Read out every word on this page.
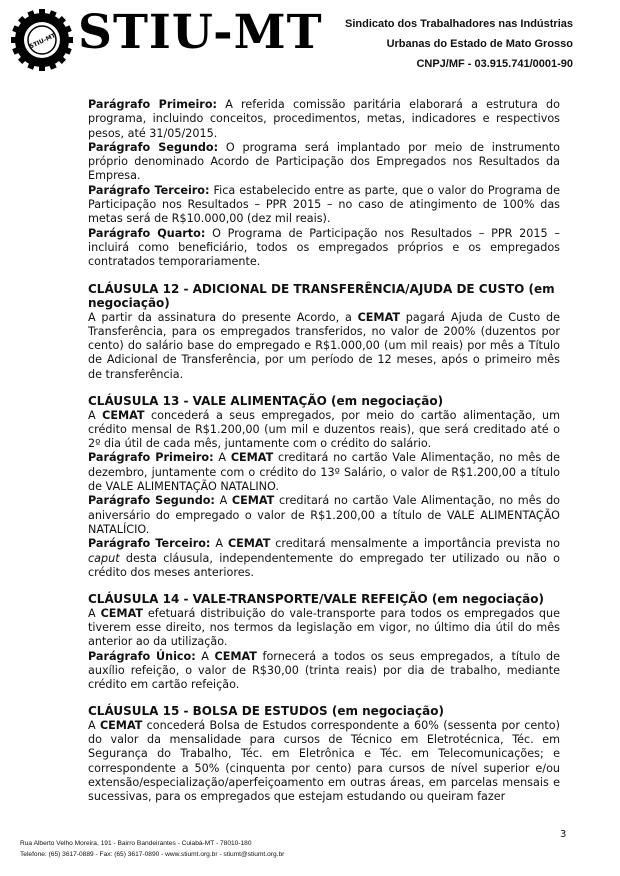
STIU-MT STIU-MT Sindicato dos Trabalhadores nas Indústrias
Urbanas do Estado de Mato Grosso
CNPJ/MF - 03.915.741/0001-90

Parágrafo Primeiro: A referida comissão paritária elaborará a estrutura do programa, incluindo conceitos, procedimentos, metas, indicadores e respectivos pesos, até 31/05/2015.

Parágrafo Segundo: O programa será implantado por meio de instrumento próprio denominado Acordo de Participação dos Empregados nos Resultados da Empresa.

Parágrafo Terceiro: Fica estabelecido entre as parte, que o valor do Programa de Participação nos Resultados – PPR 2015 – no caso de atingimento de 100% das metas será de R$10.000,00 (dez mil reais).

Parágrafo Quarto: O Programa de Participação nos Resultados – PPR 2015 – incluirá como beneficiário, todos os empregados próprios e os empregados contratados temporariamente.

CLÁUSULA 12 - ADICIONAL DE TRANSFERÊNCIA/AJUDA DE CUSTO (em negociação)

A partir da assinatura do presente Acordo, a CEMAT pagará Ajuda de Custo de Transferência, para os empregados transferidos, no valor de 200% (duzentos por cento) do salário base do empregado e R$1.000,00 (um mil reais) por mês a Título de Adicional de Transferência, por um período de 12 meses, após o primeiro mês de transferência.

CLÁUSULA 13 - VALE ALIMENTAÇÃO (em negociação)

A CEMAT concederá a seus empregados, por meio do cartão alimentação, um crédito mensal de R$1.200,00 (um mil e duzentos reais), que será creditado até o 2º dia útil de cada mês, juntamente com o crédito do salário.

Parágrafo Primeiro: A CEMAT creditará no cartão Vale Alimentação, no mês de dezembro, juntamente com o crédito do 13º Salário, o valor de R$1.200,00 a título de VALE ALIMENTAÇÃO NATALINO.

Parágrafo Segundo: A CEMAT creditará no cartão Vale Alimentação, no mês do aniversário do empregado o valor de R$1.200,00 a título de VALE ALIMENTAÇÃO NATALÍCIO.

Parágrafo Terceiro: A CEMAT creditará mensalmente a importância prevista no caput desta cláusula, independentemente do empregado ter utilizado ou não o crédito dos meses anteriores.

CLÁUSULA 14 - VALE-TRANSPORTE/VALE REFEIÇÃO (em negociação)

A CEMAT efetuará distribuição do vale-transporte para todos os empregados que tiverem esse direito, nos termos da legislação em vigor, no último dia útil do mês anterior ao da utilização.

Parágrafo Único: A CEMAT fornecerá a todos os seus empregados, a título de auxílio refeição, o valor de R$30,00 (trinta reais) por dia de trabalho, mediante crédito em cartão refeição.

CLÁUSULA 15 - BOLSA DE ESTUDOS (em negociação)

A CEMAT concederá Bolsa de Estudos correspondente a 60% (sessenta por cento) do valor da mensalidade para cursos de Técnico em Eletrotécnica, Téc. em Segurança do Trabalho, Téc. em Eletrônica e Téc. em Telecomunicações; e correspondente a 50% (cinquenta por cento) para cursos de nível superior e/ou extensão/especialização/aperfeiçoamento em outras áreas, em parcelas mensais e sucessivas, para os empregados que estejam estudando ou queiram fazer

3
Rua Alberto Velho Moreira, 191 - Bairro Bandeirantes - Cuiabá-MT - 78010-180
Telefone: (65) 3617-0889 - Fax: (65) 3617-0890 - www.stiumt.org.br - stiumt@stiumt.org.br
